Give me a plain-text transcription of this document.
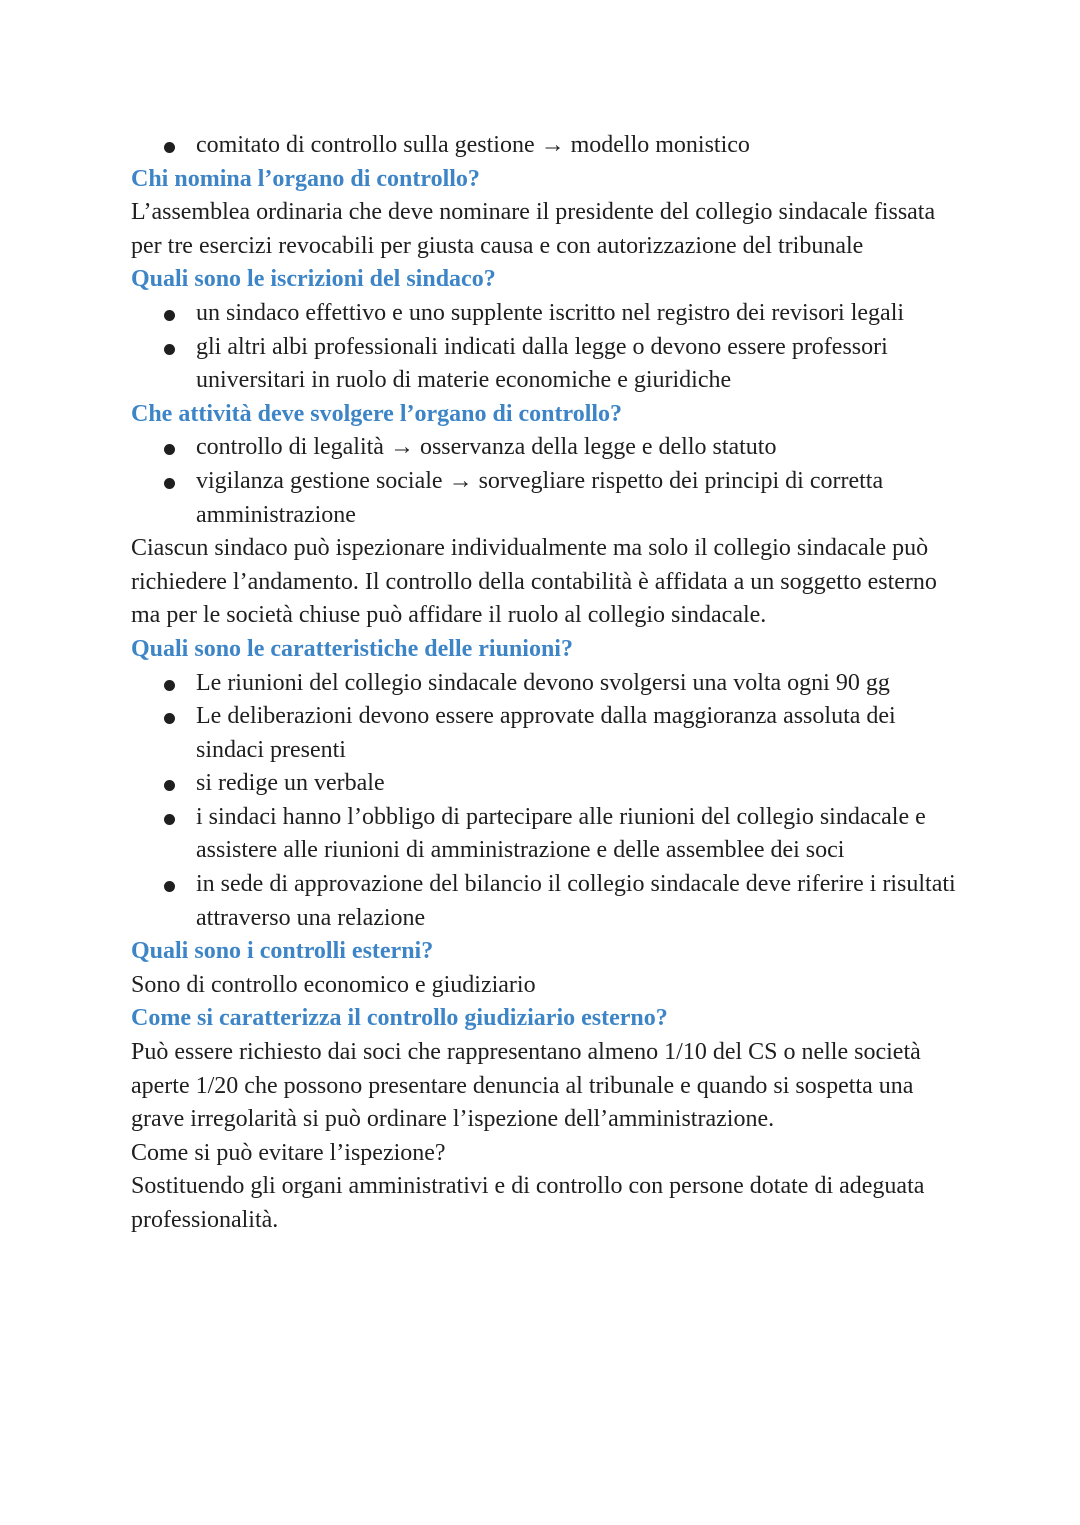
comitato di controllo sulla gestione → modello monistico
Chi nomina l’organo di controllo?
L’assemblea ordinaria che deve nominare il presidente del collegio sindacale fissata per tre esercizi revocabili per giusta causa e con autorizzazione del tribunale
Quali sono le iscrizioni del sindaco?
un sindaco effettivo e uno supplente iscritto nel registro dei revisori legali
gli altri albi professionali indicati dalla legge o devono essere professori universitari in ruolo di materie economiche e giuridiche
Che attività deve svolgere l’organo di controllo?
controllo di legalità → osservanza della legge e dello statuto
vigilanza gestione sociale → sorvegliare rispetto dei principi di corretta amministrazione
Ciascun sindaco può ispezionare individualmente ma solo il collegio sindacale può richiedere l’andamento. Il controllo della contabilità è affidata a un soggetto esterno ma per le società chiuse può affidare il ruolo al collegio sindacale.
Quali sono le caratteristiche delle riunioni?
Le riunioni del collegio sindacale devono svolgersi una volta ogni 90 gg
Le deliberazioni devono essere approvate dalla maggioranza assoluta dei sindaci presenti
si redige un verbale
i sindaci hanno l’obbligo di partecipare alle riunioni del collegio sindacale e assistere alle riunioni di amministrazione e delle assemblee dei soci
in sede di approvazione del bilancio il collegio sindacale deve riferire i risultati attraverso una relazione
Quali sono i controlli esterni?
Sono di controllo economico e giudiziario
Come si caratterizza il controllo giudiziario esterno?
Può essere richiesto dai soci che rappresentano almeno 1/10 del CS o nelle società aperte 1/20 che possono presentare denuncia al tribunale e quando si sospetta una grave irregolarità si può ordinare l’ispezione dell’amministrazione.
Come si può evitare l’ispezione?
Sostituendo gli organi amministrativi e di controllo con persone dotate di adeguata professionalità.
